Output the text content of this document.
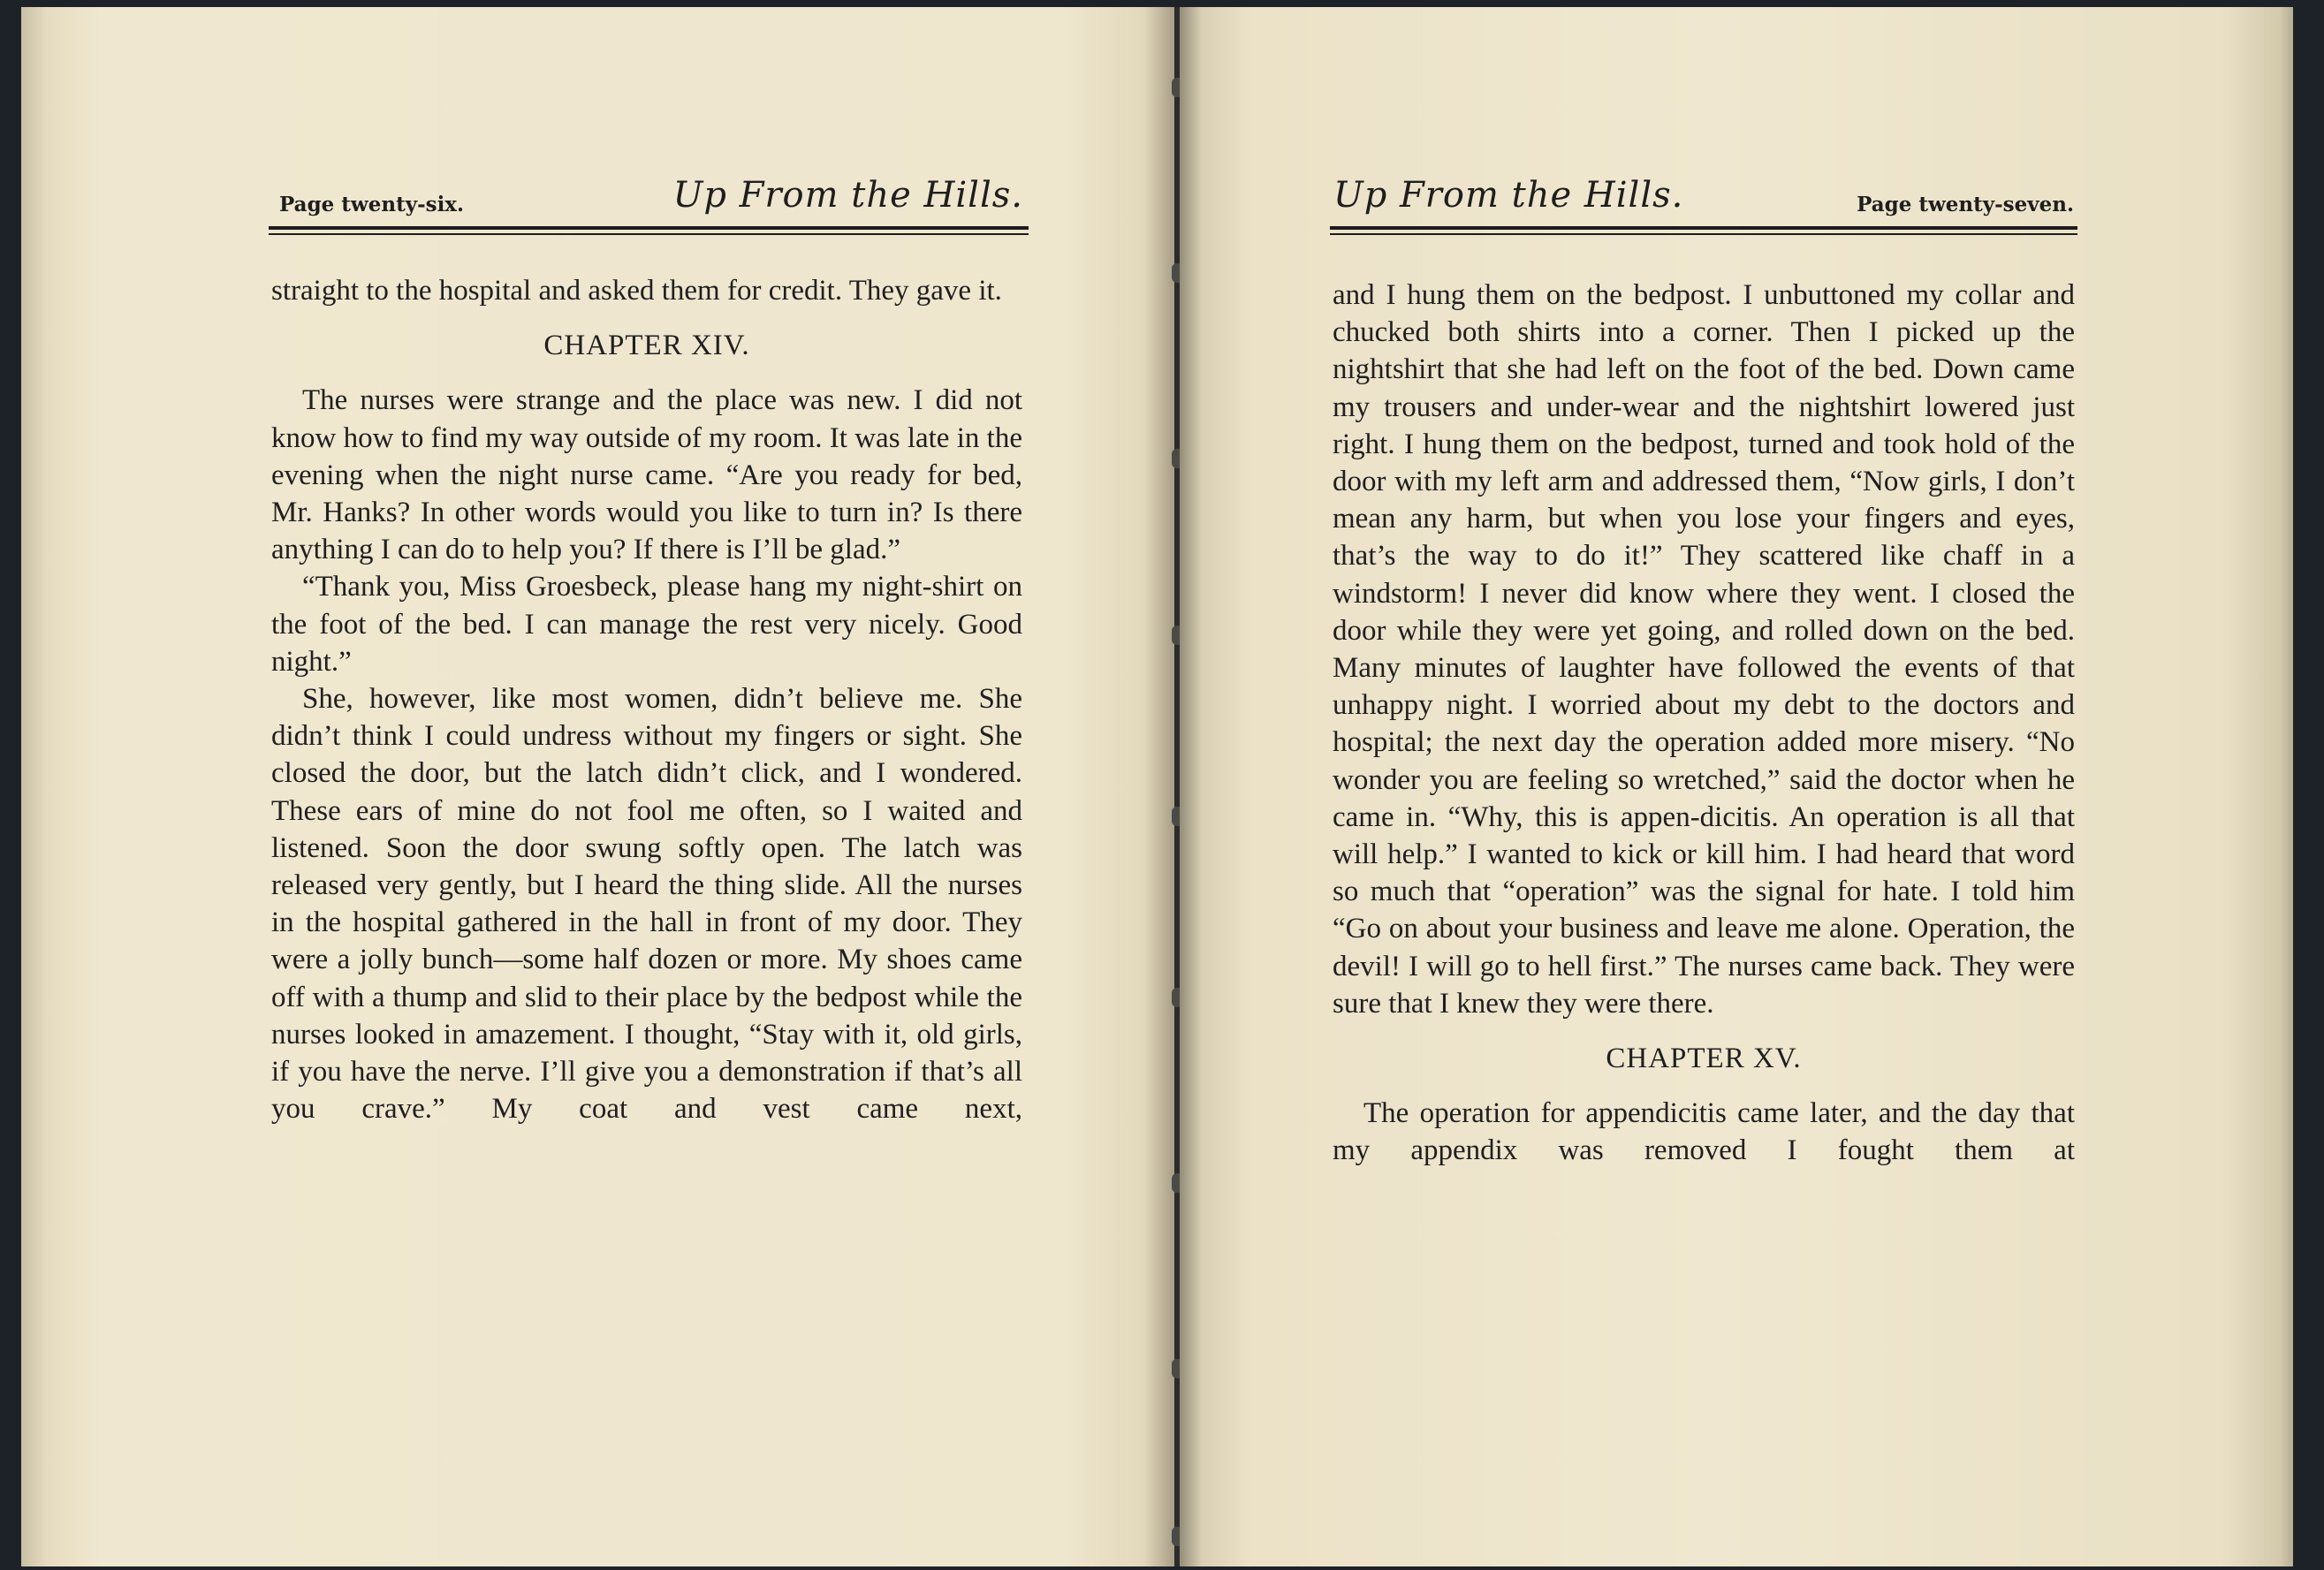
Page twenty-six.	Up From the Hills.

straight to the hospital and asked them for credit. They gave it.

CHAPTER XIV.

The nurses were strange and the place was new. I did not know how to find my way outside of my room. It was late in the evening when the night nurse came. “Are you ready for bed, Mr. Hanks? In other words would you like to turn in? Is there anything I can do to help you? If there is I’ll be glad.”

“Thank you, Miss Groesbeck, please hang my night-shirt on the foot of the bed. I can manage the rest very nicely. Good night.”

She, however, like most women, didn’t believe me. She didn’t think I could undress without my fingers or sight. She closed the door, but the latch didn’t click, and I wondered. These ears of mine do not fool me often, so I waited and listened. Soon the door swung softly open. The latch was released very gently, but I heard the thing slide. All the nurses in the hospital gathered in the hall in front of my door. They were a jolly bunch—some half dozen or more. My shoes came off with a thump and slid to their place by the bedpost while the nurses looked in amazement. I thought, “Stay with it, old girls, if you have the nerve. I’ll give you a demonstration if that’s all you crave.” My coat and vest came next,

Up From the Hills.	Page twenty-seven.

and I hung them on the bedpost. I unbuttoned my collar and chucked both shirts into a corner. Then I picked up the nightshirt that she had left on the foot of the bed. Down came my trousers and under-wear and the nightshirt lowered just right. I hung them on the bedpost, turned and took hold of the door with my left arm and addressed them, “Now girls, I don’t mean any harm, but when you lose your fingers and eyes, that’s the way to do it!” They scattered like chaff in a windstorm! I never did know where they went. I closed the door while they were yet going, and rolled down on the bed. Many minutes of laughter have followed the events of that unhappy night. I worried about my debt to the doctors and hospital; the next day the operation added more misery. “No wonder you are feeling so wretched,” said the doctor when he came in. “Why, this is appen-dicitis. An operation is all that will help.” I wanted to kick or kill him. I had heard that word so much that “operation” was the signal for hate. I told him “Go on about your business and leave me alone. Operation, the devil! I will go to hell first.” The nurses came back. They were sure that I knew they were there.

CHAPTER XV.

The operation for appendicitis came later, and the day that my appendix was removed I fought them at
